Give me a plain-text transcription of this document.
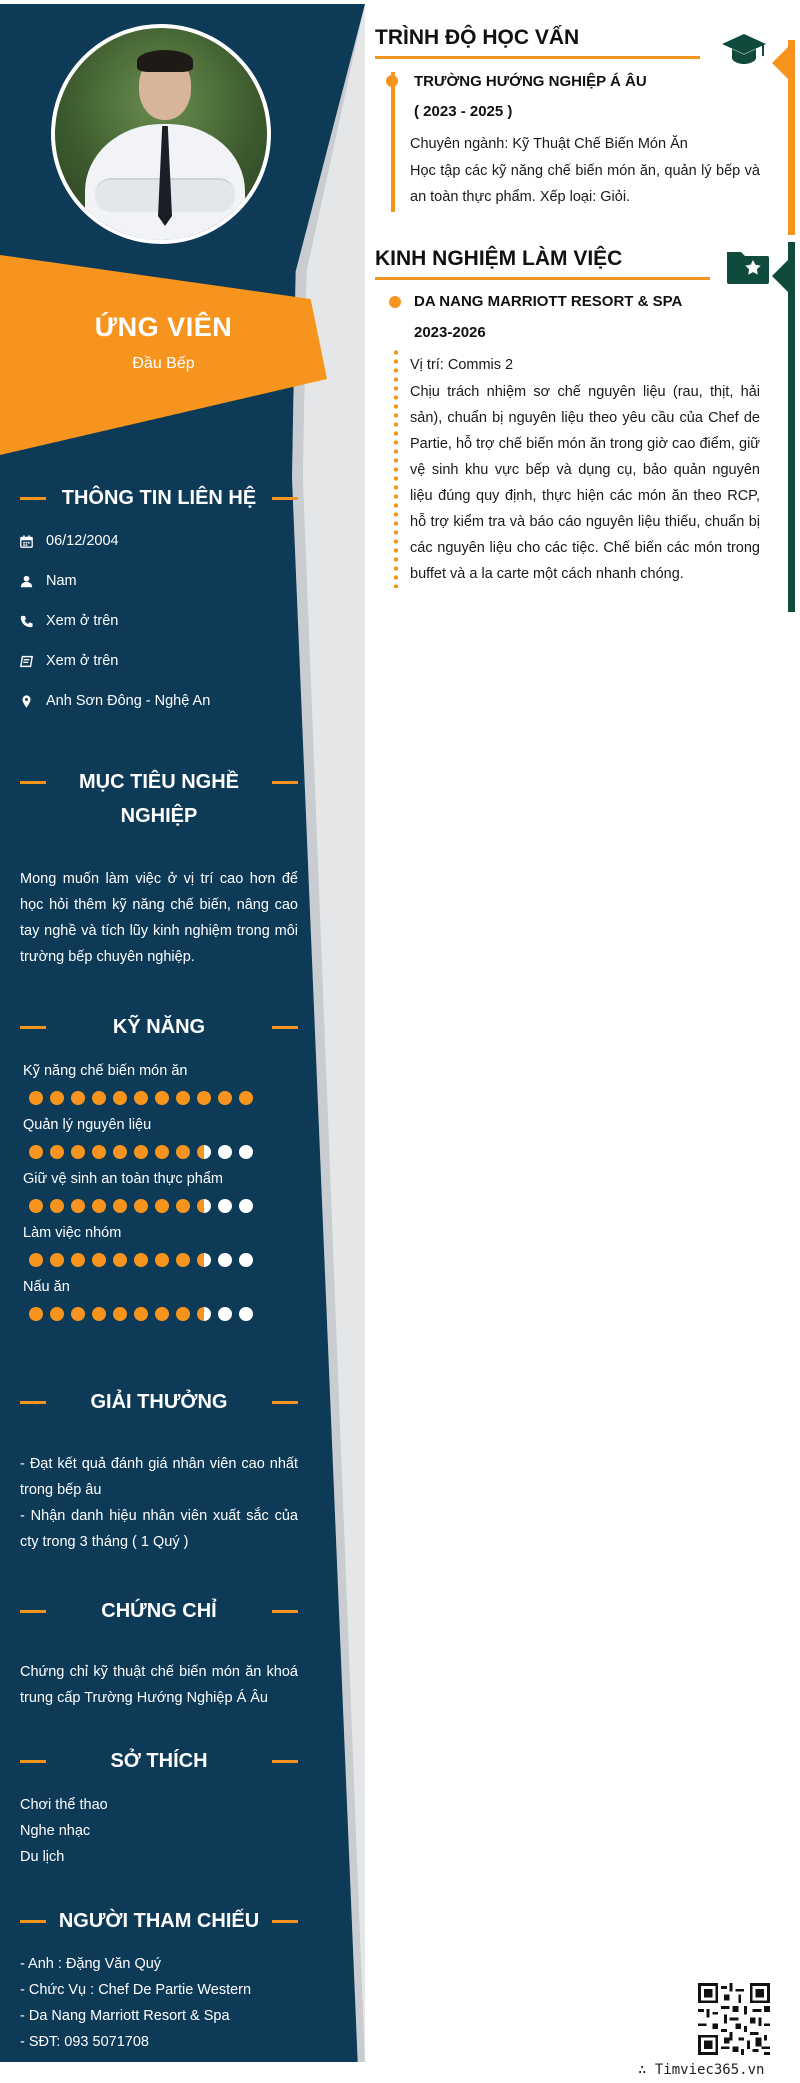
ỨNG VIÊN
Đầu Bếp
THÔNG TIN LIÊN HỆ
06/12/2004
Nam
Xem ở trên
Xem ở trên
Anh Sơn Đông - Nghệ An
MỤC TIÊU NGHỀ
NGHIỆP
Mong muốn làm việc ở vị trí cao hơn để học hỏi thêm kỹ năng chế biến, nâng cao tay nghề và tích lũy kinh nghiệm trong môi trường bếp chuyên nghiệp.
KỸ NĂNG
Kỹ năng chế biến món ăn
Quản lý nguyên liệu
Giữ vệ sinh an toàn thực phẩm
Làm việc nhóm
Nấu ăn
GIẢI THƯỞNG
- Đạt kết quả đánh giá nhân viên cao nhất trong bếp âu
- Nhận danh hiệu nhân viên xuất sắc của cty trong 3 tháng ( 1 Quý )
CHỨNG CHỈ
Chứng chỉ kỹ thuật chế biến món ăn khoá trung cấp Trường Hướng Nghiệp Á Âu
SỞ THÍCH
Chơi thể thao
Nghe nhạc
Du lịch
NGƯỜI THAM CHIẾU
- Anh : Đặng Văn Quý
- Chức Vụ : Chef De Partie Western
- Da Nang Marriott Resort & Spa
- SĐT: 093 5071708
TRÌNH ĐỘ HỌC VẤN
TRƯỜNG HƯỚNG NGHIỆP Á ÂU
( 2023 - 2025 )
Chuyên ngành: Kỹ Thuật Chế Biến Món Ăn
Học tập các kỹ năng chế biến món ăn, quản lý bếp và an toàn thực phẩm. Xếp loại: Giỏi.
KINH NGHIỆM LÀM VIỆC
DA NANG MARRIOTT RESORT & SPA
2023-2026
Vị trí: Commis 2
Chịu trách nhiệm sơ chế nguyên liệu (rau, thịt, hải sản), chuẩn bị nguyên liệu theo yêu cầu của Chef de Partie, hỗ trợ chế biến món ăn trong giờ cao điểm, giữ vệ sinh khu vực bếp và dụng cụ, bảo quản nguyên liệu đúng quy định, thực hiện các món ăn theo RCP, hỗ trợ kiểm tra và báo cáo nguyên liệu thiếu, chuẩn bị các nguyên liệu cho các tiệc. Chế biến các món trong buffet và a la carte một cách nhanh chóng.
∴ Timviec365.vn
